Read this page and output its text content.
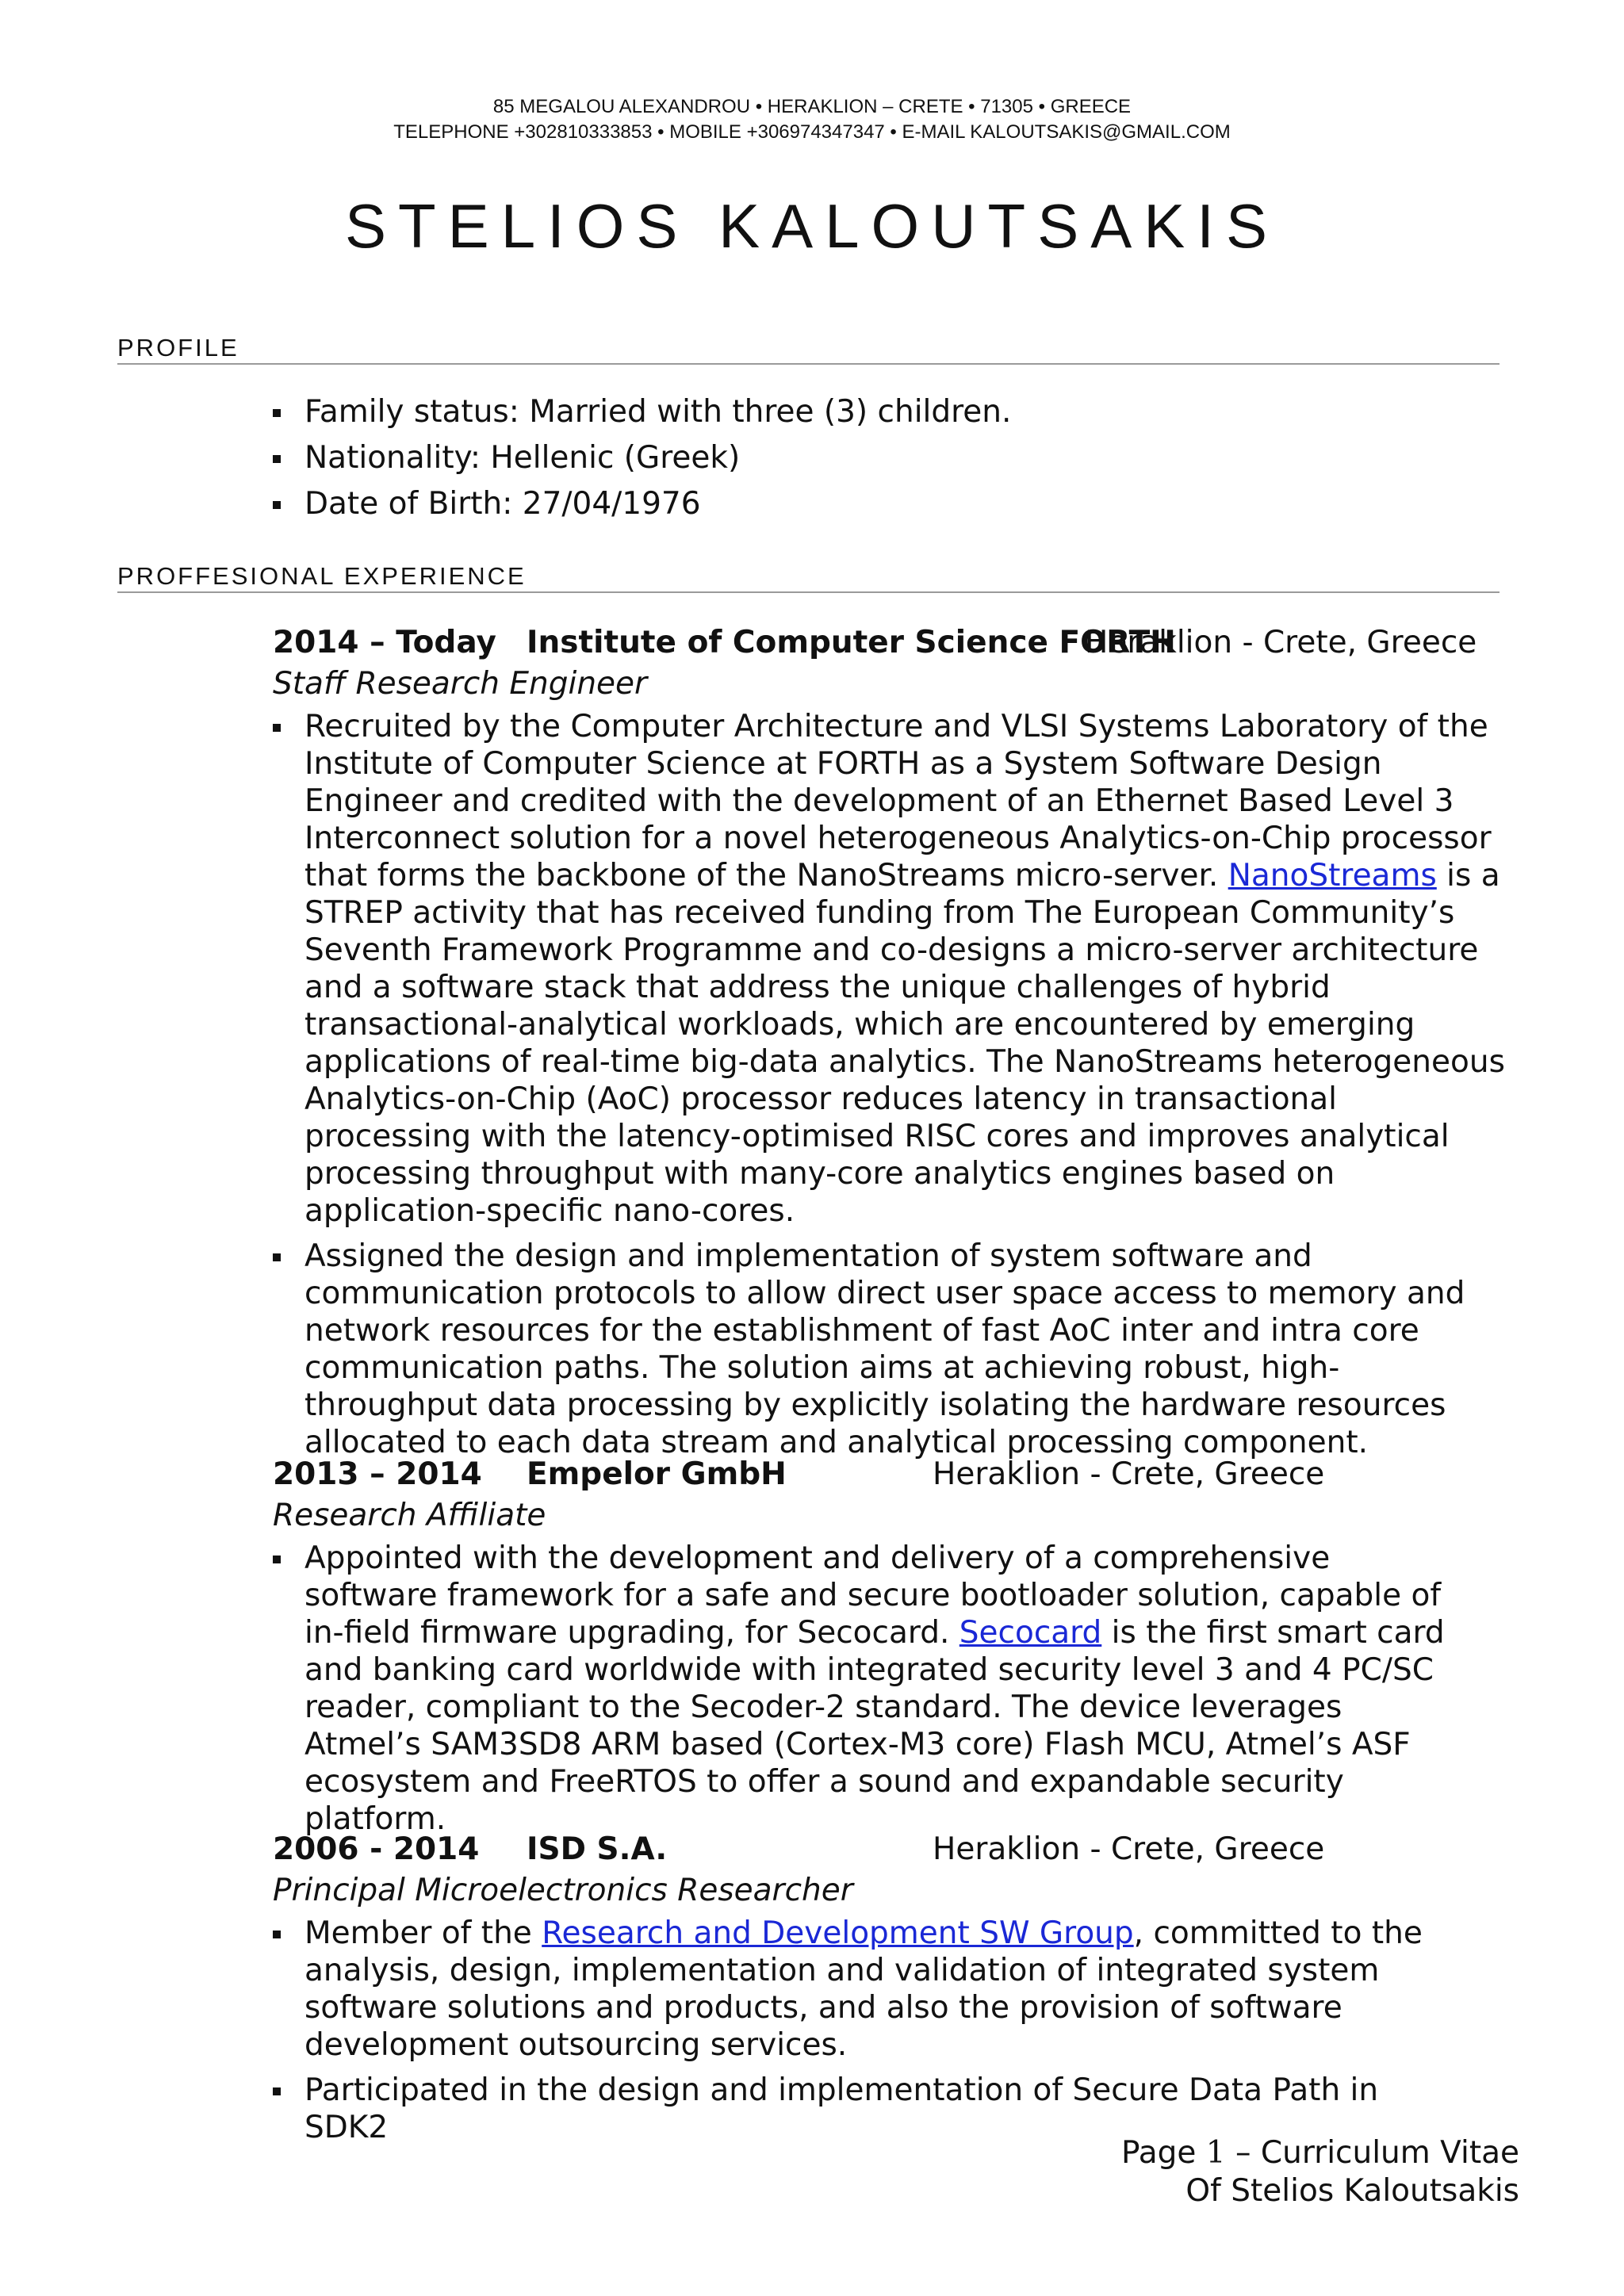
85 MEGALOU ALEXANDROU • HERAKLION – CRETE • 71305 • GREECE
TELEPHONE +302810333853 • MOBILE +306974347347 • E-MAIL KALOUTSAKIS@GMAIL.COM
STELIOS KALOUTSAKIS
PROFILE
Family status: Married with three (3) children.
Nationality: Hellenic (Greek)
Date of Birth: 27/04/1976
PROFFESIONAL EXPERIENCE
2014 – Today Institute of Computer Science FORTH
Heraklion - Crete, Greece
Staff Research Engineer
Recruited by the Computer Architecture and VLSI Systems Laboratory of the Institute of Computer Science at FORTH as a System Software Design Engineer and credited with the development of an Ethernet Based Level 3 Interconnect solution for a novel heterogeneous Analytics-on-Chip processor that forms the backbone of the NanoStreams micro-server. NanoStreams is a STREP activity that has received funding from The European Community’s Seventh Framework Programme and co-designs a micro-server architecture and a software stack that address the unique challenges of hybrid transactional-analytical workloads, which are encountered by emerging applications of real-time big-data analytics. The NanoStreams heterogeneous Analytics-on-Chip (AoC) processor reduces latency in transactional processing with the latency-optimised RISC cores and improves analytical processing throughput with many-core analytics engines based on application-specific nano-cores.
Assigned the design and implementation of system software and communication protocols to allow direct user space access to memory and network resources for the establishment of fast AoC inter and intra core communication paths. The solution aims at achieving robust, high-throughput data processing by explicitly isolating the hardware resources allocated to each data stream and analytical processing component.
2013 – 2014 Empelor GmbH	Heraklion - Crete, Greece
Research Affiliate
Appointed with the development and delivery of a comprehensive software framework for a safe and secure bootloader solution, capable of in-field firmware upgrading, for Secocard. Secocard is the first smart card and banking card worldwide with integrated security level 3 and 4 PC/SC reader, compliant to the Secoder-2 standard. The device leverages Atmel’s SAM3SD8 ARM based (Cortex-M3 core) Flash MCU, Atmel’s ASF ecosystem and FreeRTOS to offer a sound and expandable security platform.
2006 - 2014 ISD S.A.	Heraklion - Crete, Greece
Principal Microelectronics Researcher
Member of the Research and Development SW Group, committed to the analysis, design, implementation and validation of integrated system software solutions and products, and also the provision of software development outsourcing services.
Participated in the design and implementation of Secure Data Path in SDK2
Page 1 – Curriculum Vitae
Of Stelios Kaloutsakis
